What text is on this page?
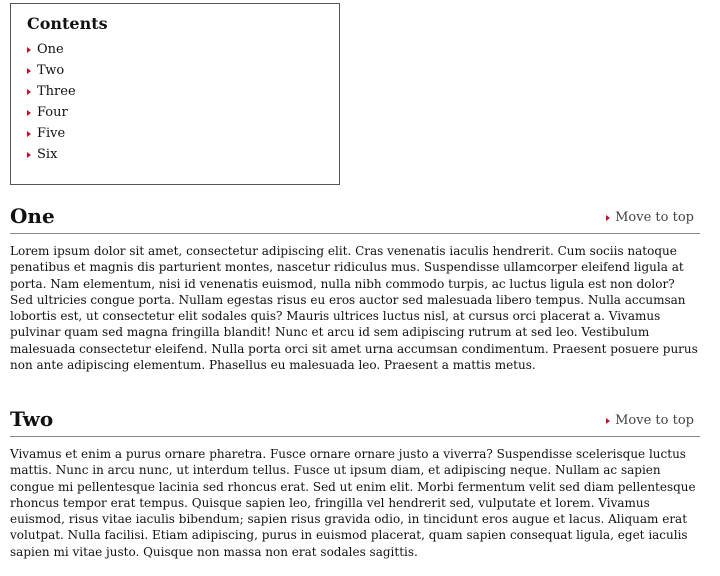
Contents
One
Two
Three
Four
Five
Six
One	Move to top

Lorem ipsum dolor sit amet, consectetur adipiscing elit. Cras venenatis iaculis hendrerit. Cum sociis natoque penatibus et magnis dis parturient montes, nascetur ridiculus mus. Suspendisse ullamcorper eleifend ligula at porta. Nam elementum, nisi id venenatis euismod, nulla nibh commodo turpis, ac luctus ligula est non dolor? Sed ultricies congue porta. Nullam egestas risus eu eros auctor sed malesuada libero tempus. Nulla accumsan lobortis est, ut consectetur elit sodales quis? Mauris ultrices luctus nisl, at cursus orci placerat a. Vivamus pulvinar quam sed magna fringilla blandit! Nunc et arcu id sem adipiscing rutrum at sed leo. Vestibulum malesuada consectetur eleifend. Nulla porta orci sit amet urna accumsan condimentum. Praesent posuere purus non ante adipiscing elementum. Phasellus eu malesuada leo. Praesent a mattis metus.

Two	Move to top

Vivamus et enim a purus ornare pharetra. Fusce ornare ornare justo a viverra? Suspendisse scelerisque luctus mattis. Nunc in arcu nunc, ut interdum tellus. Fusce ut ipsum diam, et adipiscing neque. Nullam ac sapien congue mi pellentesque lacinia sed rhoncus erat. Sed ut enim elit. Morbi fermentum velit sed diam pellentesque rhoncus tempor erat tempus. Quisque sapien leo, fringilla vel hendrerit sed, vulputate et lorem. Vivamus euismod, risus vitae iaculis bibendum; sapien risus gravida odio, in tincidunt eros augue et lacus. Aliquam erat volutpat. Nulla facilisi. Etiam adipiscing, purus in euismod placerat, quam sapien consequat ligula, eget iaculis sapien mi vitae justo. Quisque non massa non erat sodales sagittis.
